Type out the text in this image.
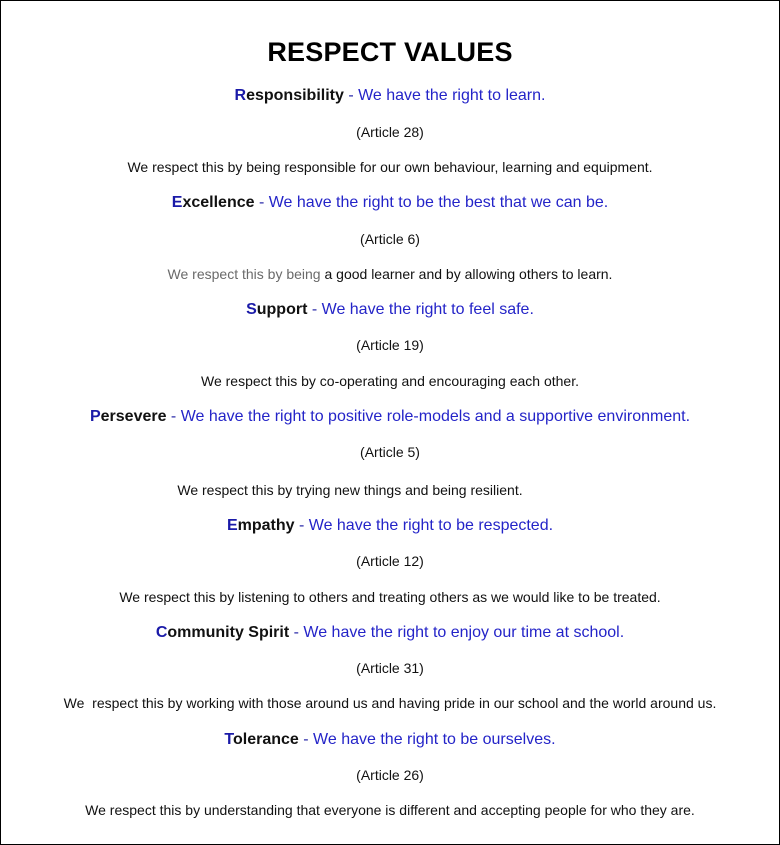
RESPECT VALUES
Responsibility - We have the right to learn.
(Article 28)
We respect this by being responsible for our own behaviour, learning and equipment.
Excellence - We have the right to be the best that we can be.
(Article 6)
We respect this by being a good learner and by allowing others to learn.
Support - We have the right to feel safe.
(Article 19)
We respect this by co-operating and encouraging each other.
Persevere - We have the right to positive role-models and a supportive environment.
(Article 5)
We respect this by trying new things and being resilient.
Empathy - We have the right to be respected.
(Article 12)
We respect this by listening to others and treating others as we would like to be treated.
Community Spirit - We have the right to enjoy our time at school.
(Article 31)
We  respect this by working with those around us and having pride in our school and the world around us.
Tolerance - We have the right to be ourselves.
(Article 26)
We respect this by understanding that everyone is different and accepting people for who they are.
